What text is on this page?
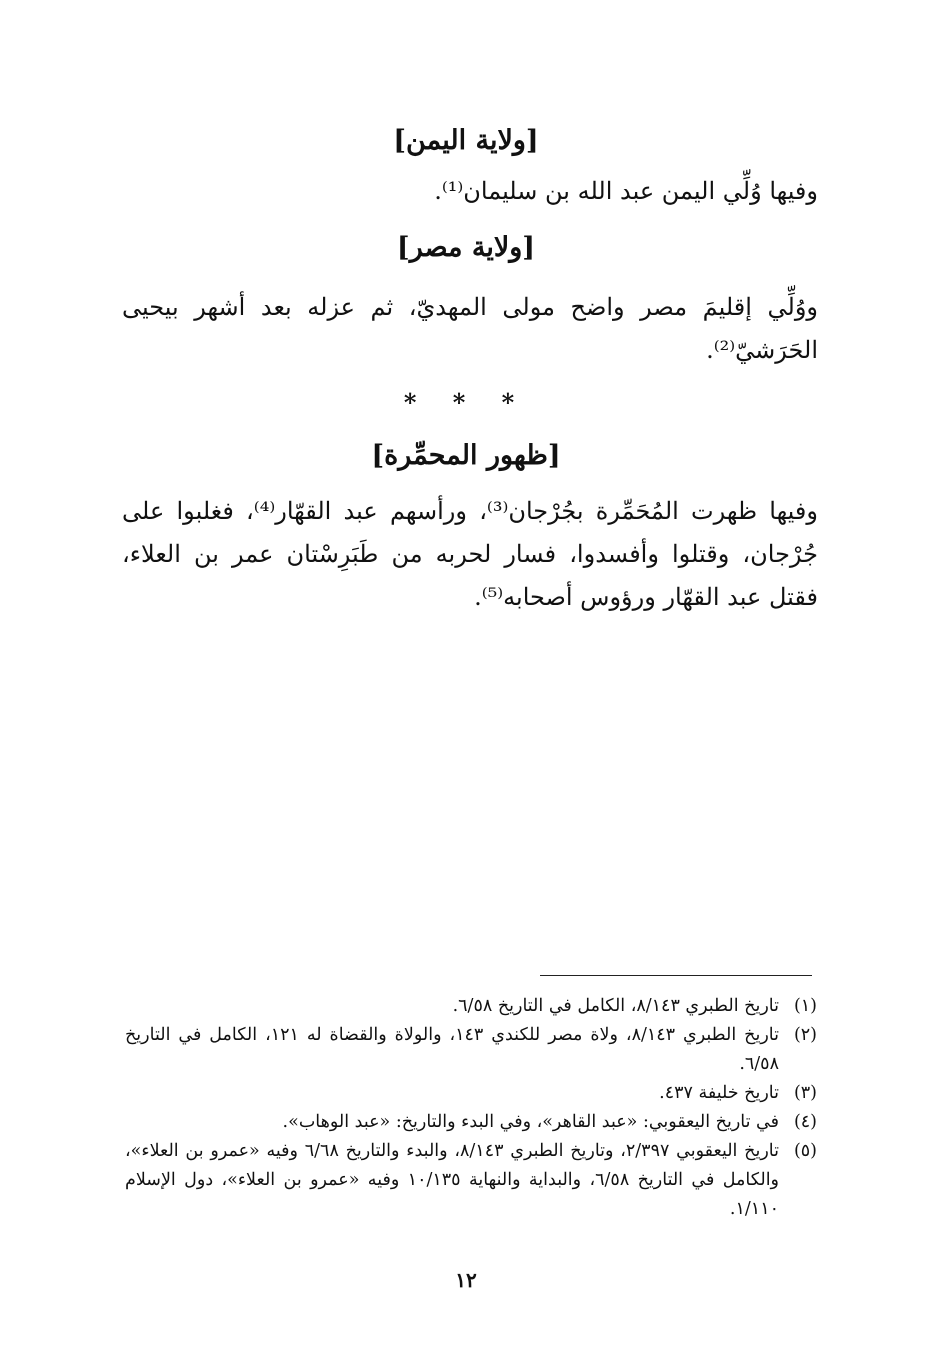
[ولاية اليمن]

وفيها وُلِّي اليمن عبد الله بن سليمان⁽¹⁾.

[ولاية مصر]

ووُلِّي إقليمَ مصر واضح مولى المهديّ، ثم عزله بعد أشهر بيحيى الحَرَشيّ⁽²⁾.

* * *
[ظهور المحمِّرة]

وفيها ظهرت المُحَمِّرة بجُرْجان⁽³⁾، ورأسهم عبد القهّار⁽⁴⁾، فغلبوا على جُرْجان، وقتلوا وأفسدوا، فسار لحربه من طَبَرِسْتان عمر بن العلاء، فقتل عبد القهّار ورؤوس أصحابه⁽⁵⁾.

(١)
تاريخ الطبري ٨/١٤٣، الكامل في التاريخ ٦/٥٨.
(٢)
تاريخ الطبري ٨/١٤٣، ولاة مصر للكندي ١٤٣، والولاة والقضاة له ١٢١، الكامل في التاريخ ٦/٥٨.
(٣)
تاريخ خليفة ٤٣٧.
(٤)
في تاريخ اليعقوبي: «عبد القاهر»، وفي البدء والتاريخ: «عبد الوهاب».
(٥)
تاريخ اليعقوبي ٢/٣٩٧، وتاريخ الطبري ٨/١٤٣، والبدء والتاريخ ٦/٦٨ وفيه «عمرو بن العلاء»، والكامل في التاريخ ٦/٥٨، والبداية والنهاية ١٠/١٣٥ وفيه «عمرو بن العلاء»، دول الإسلام ١/١١٠.
١٢
